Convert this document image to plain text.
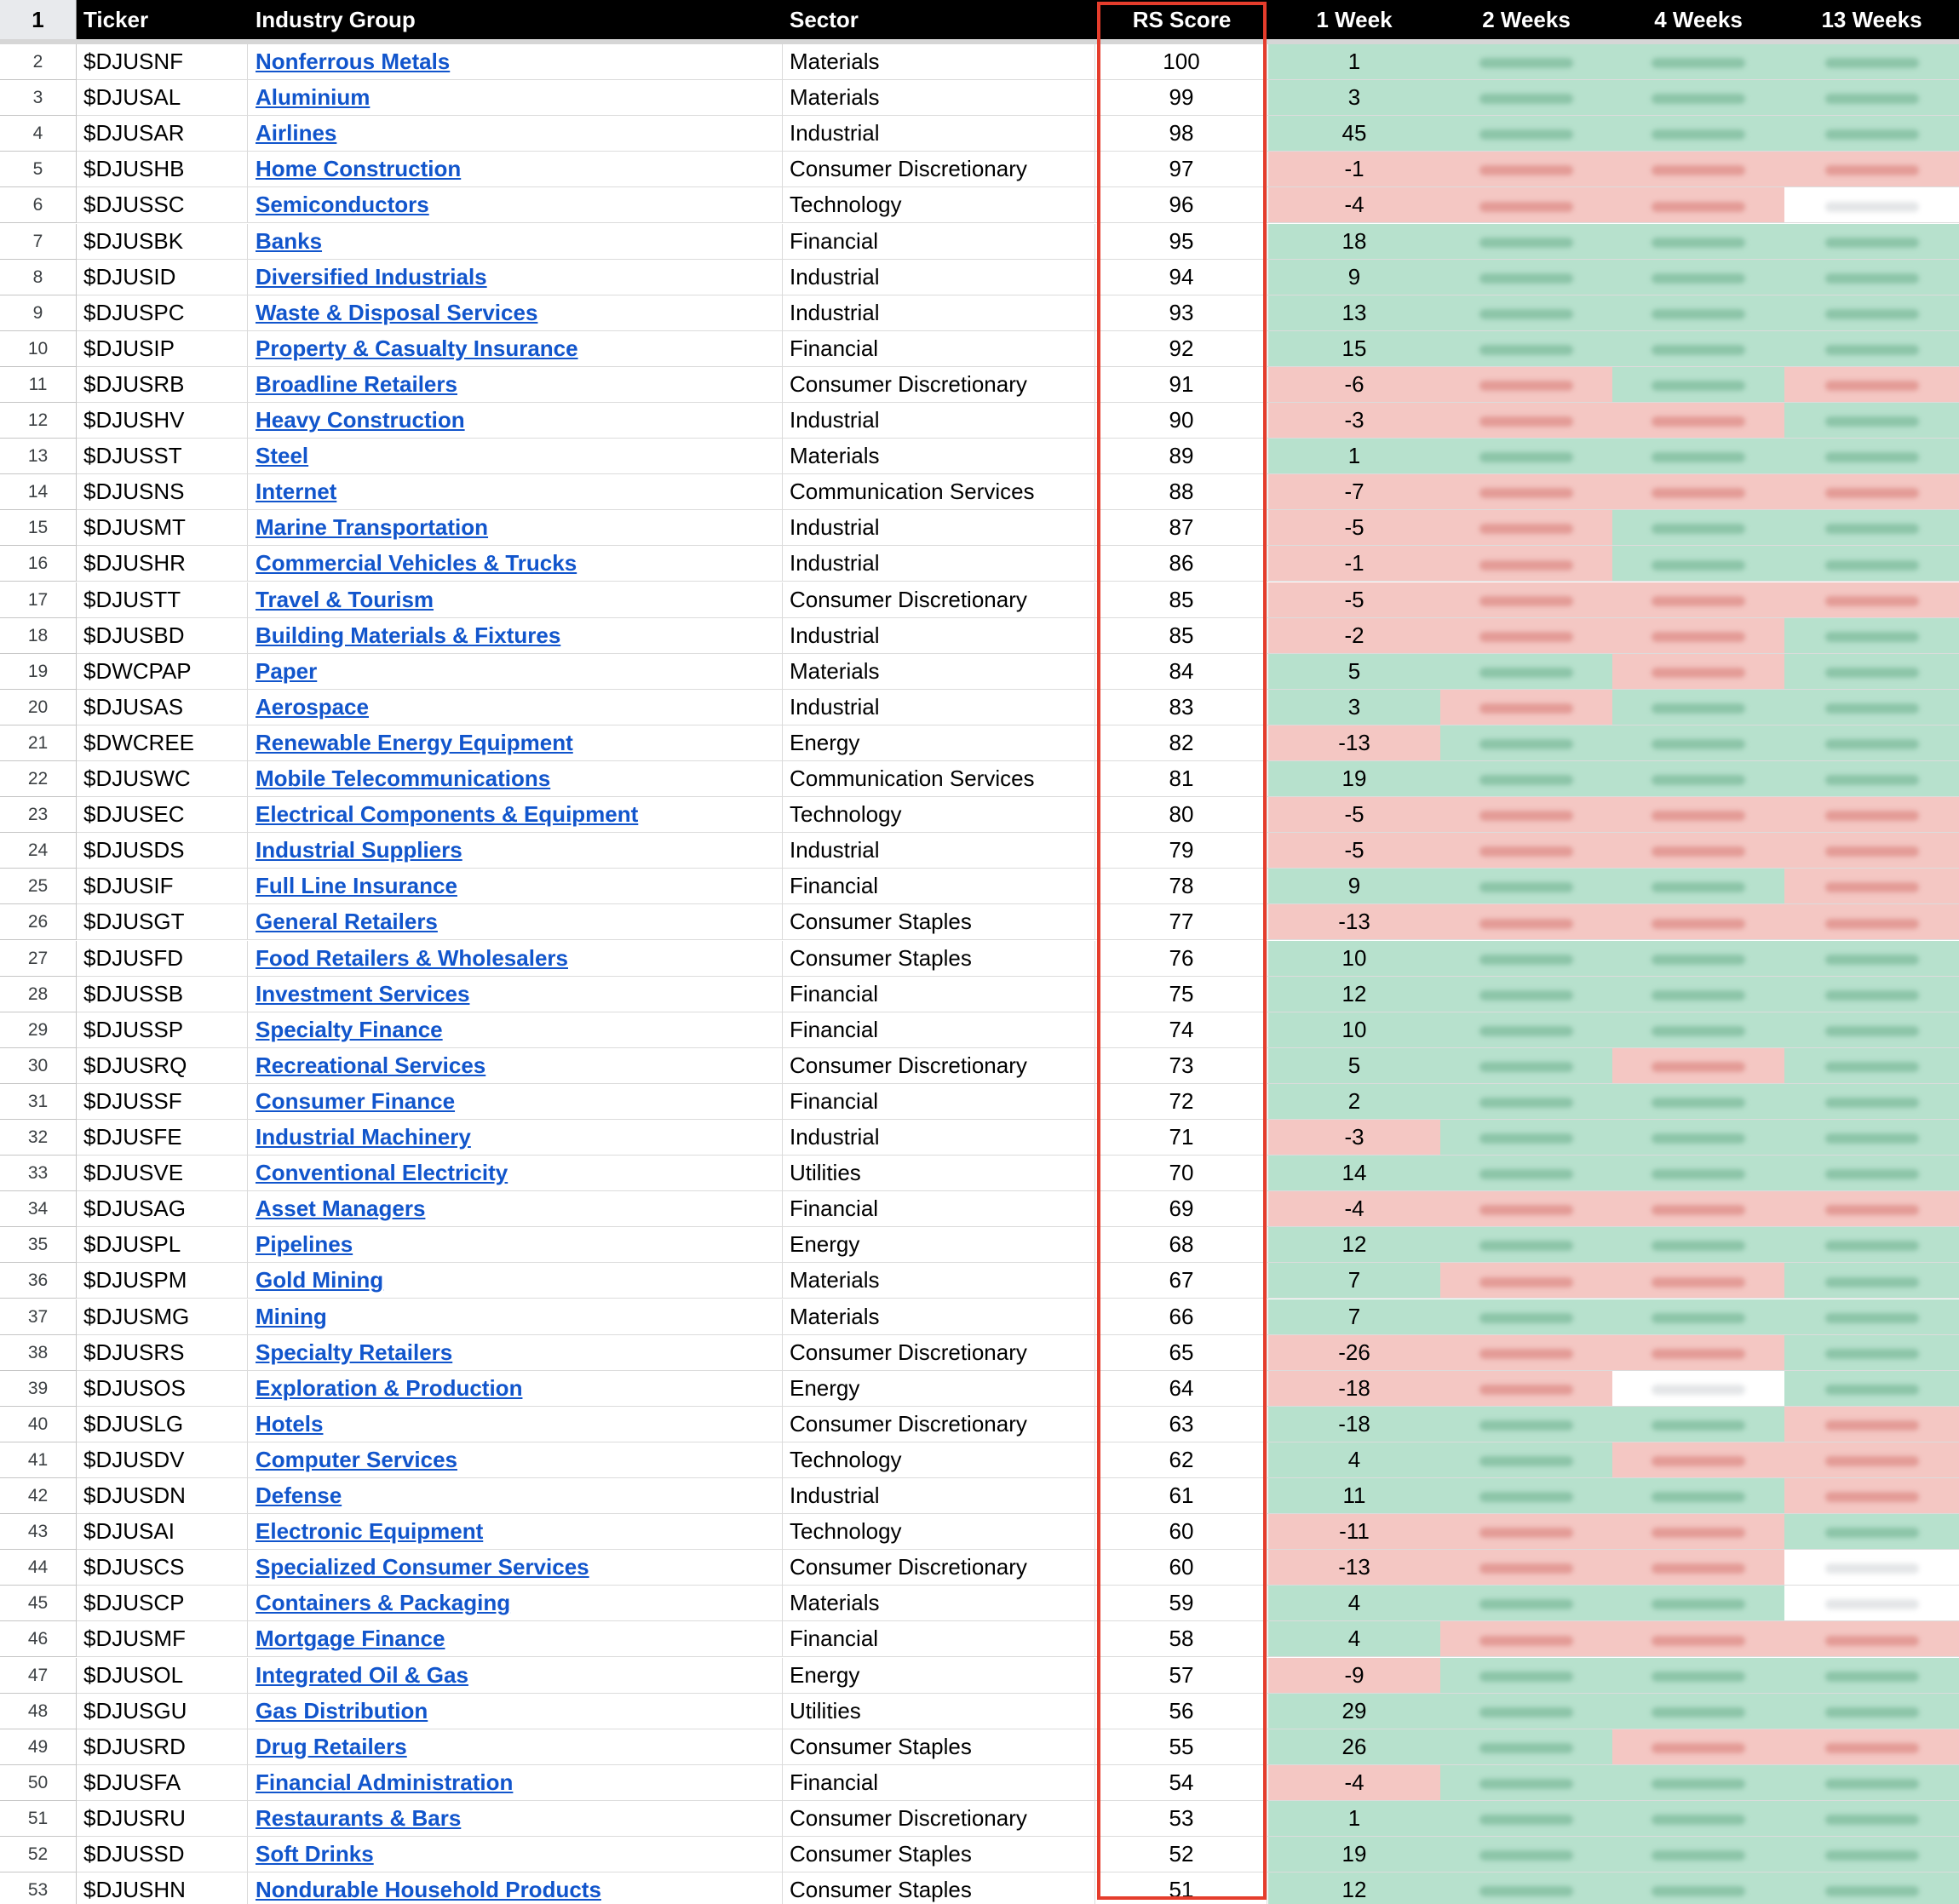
1	Ticker	Industry Group	Sector	RS Score	1 Week	2 Weeks	4 Weeks	13 Weeks
2	$DJUSNF	Nonferrous Metals	Materials	100	1
3	$DJUSAL	Aluminium	Materials	99	3
4	$DJUSAR	Airlines	Industrial	98	45
5	$DJUSHB	Home Construction	Consumer Discretionary	97	-1
6	$DJUSSC	Semiconductors	Technology	96	-4
7	$DJUSBK	Banks	Financial	95	18
8	$DJUSID	Diversified Industrials	Industrial	94	9
9	$DJUSPC	Waste & Disposal Services	Industrial	93	13
10	$DJUSIP	Property & Casualty Insurance	Financial	92	15
11	$DJUSRB	Broadline Retailers	Consumer Discretionary	91	-6
12	$DJUSHV	Heavy Construction	Industrial	90	-3
13	$DJUSST	Steel	Materials	89	1
14	$DJUSNS	Internet	Communication Services	88	-7
15	$DJUSMT	Marine Transportation	Industrial	87	-5
16	$DJUSHR	Commercial Vehicles & Trucks	Industrial	86	-1
17	$DJUSTT	Travel & Tourism	Consumer Discretionary	85	-5
18	$DJUSBD	Building Materials & Fixtures	Industrial	85	-2
19	$DWCPAP	Paper	Materials	84	5
20	$DJUSAS	Aerospace	Industrial	83	3
21	$DWCREE	Renewable Energy Equipment	Energy	82	-13
22	$DJUSWC	Mobile Telecommunications	Communication Services	81	19
23	$DJUSEC	Electrical Components & Equipment	Technology	80	-5
24	$DJUSDS	Industrial Suppliers	Industrial	79	-5
25	$DJUSIF	Full Line Insurance	Financial	78	9
26	$DJUSGT	General Retailers	Consumer Staples	77	-13
27	$DJUSFD	Food Retailers & Wholesalers	Consumer Staples	76	10
28	$DJUSSB	Investment Services	Financial	75	12
29	$DJUSSP	Specialty Finance	Financial	74	10
30	$DJUSRQ	Recreational Services	Consumer Discretionary	73	5
31	$DJUSSF	Consumer Finance	Financial	72	2
32	$DJUSFE	Industrial Machinery	Industrial	71	-3
33	$DJUSVE	Conventional Electricity	Utilities	70	14
34	$DJUSAG	Asset Managers	Financial	69	-4
35	$DJUSPL	Pipelines	Energy	68	12
36	$DJUSPM	Gold Mining	Materials	67	7
37	$DJUSMG	Mining	Materials	66	7
38	$DJUSRS	Specialty Retailers	Consumer Discretionary	65	-26
39	$DJUSOS	Exploration & Production	Energy	64	-18
40	$DJUSLG	Hotels	Consumer Discretionary	63	-18
41	$DJUSDV	Computer Services	Technology	62	4
42	$DJUSDN	Defense	Industrial	61	11
43	$DJUSAI	Electronic Equipment	Technology	60	-11
44	$DJUSCS	Specialized Consumer Services	Consumer Discretionary	60	-13
45	$DJUSCP	Containers & Packaging	Materials	59	4
46	$DJUSMF	Mortgage Finance	Financial	58	4
47	$DJUSOL	Integrated Oil & Gas	Energy	57	-9
48	$DJUSGU	Gas Distribution	Utilities	56	29
49	$DJUSRD	Drug Retailers	Consumer Staples	55	26
50	$DJUSFA	Financial Administration	Financial	54	-4
51	$DJUSRU	Restaurants & Bars	Consumer Discretionary	53	1
52	$DJUSSD	Soft Drinks	Consumer Staples	52	19
53	$DJUSHN	Nondurable Household Products	Consumer Staples	51	12
